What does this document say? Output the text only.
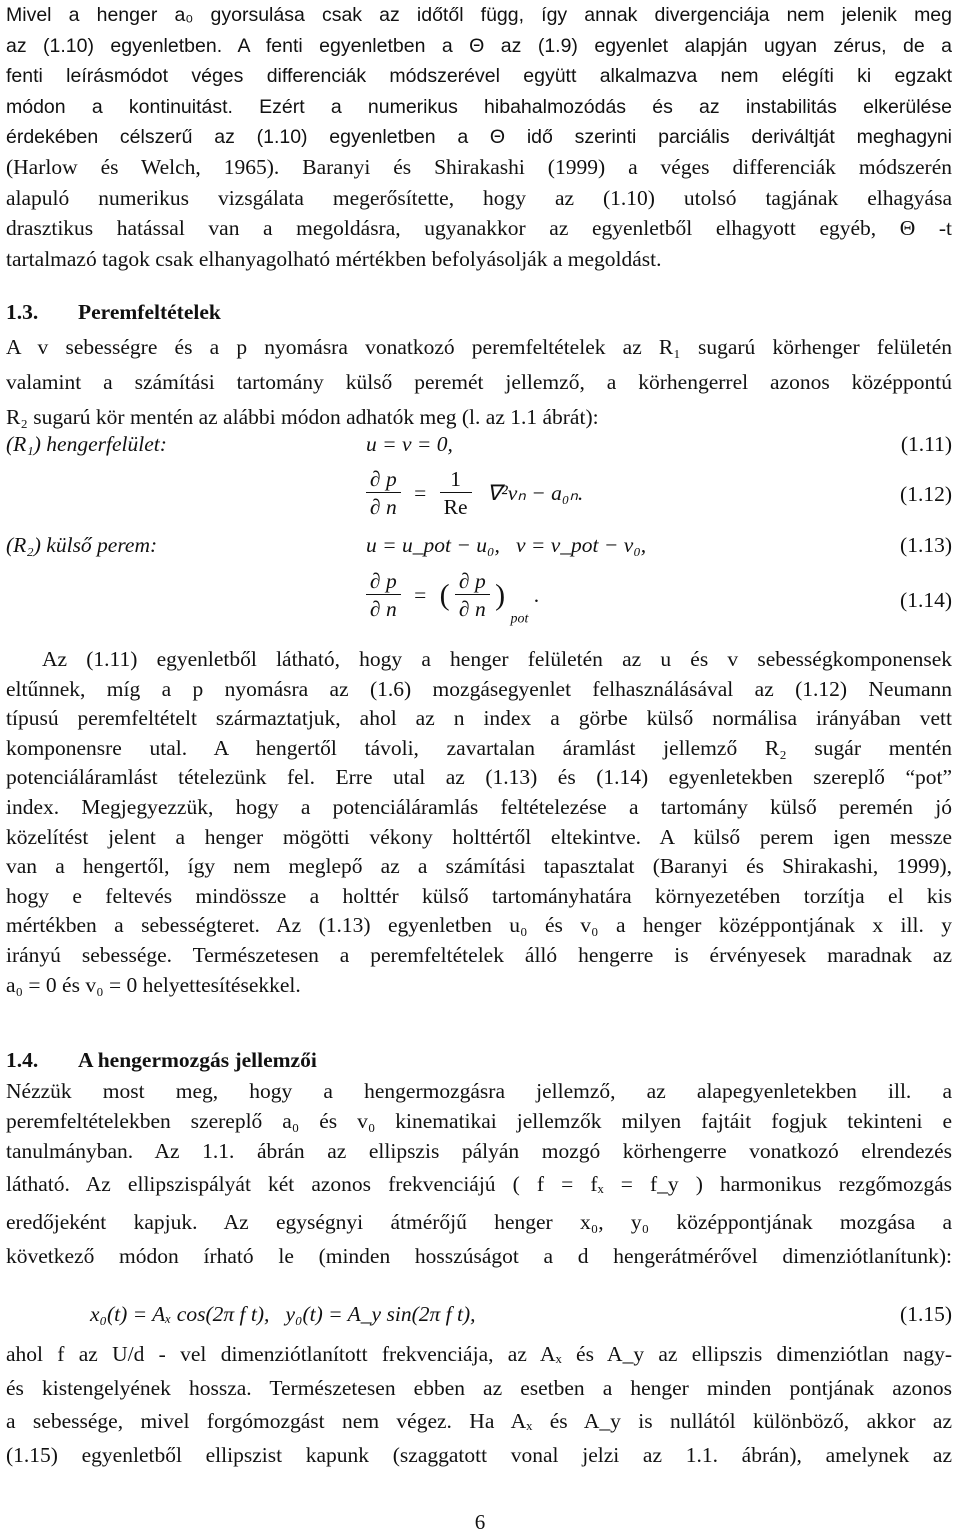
Mivel a henger a₀ gyorsulása csak az időtől függ, így annak divergenciája nem jelenik meg
az (1.10) egyenletben. A fenti egyenletben a Θ az (1.9) egyenlet alapján ugyan zérus, de a
fenti leírásmódot véges differenciák módszerével együtt alkalmazva nem elégíti ki egzakt
módon a kontinuitást. Ezért a numerikus hibahalmozódás és az instabilitás elkerülése
érdekében célszerű az (1.10) egyenletben a Θ idő szerinti parciális deriváltját meghagyni
(Harlow és Welch, 1965). Baranyi és Shirakashi (1999) a véges differenciák módszerén
alapuló numerikus vizsgálata megerősítette, hogy az (1.10) utolsó tagjának elhagyása
drasztikus hatással van a megoldásra, ugyanakkor az egyenletből elhagyott egyéb, Θ -t
tartalmazó tagok csak elhanyagolható mértékben befolyásolják a megoldást.
1.3. Peremfeltételek
A v sebességre és a p nyomásra vonatkozó peremfeltételek az R₁ sugarú körhenger felületén
valamint a számítási tartomány külső peremét jellemző, a körhengerrel azonos középpontú
R₂ sugarú kör mentén az alábbi módon adhatók meg (l. az 1.1 ábrát):
(R₁) hengerfelület:	u = v = 0,	(1.11)
$\frac{\partial p}{\partial n} = \frac{1}{Re} \nabla^2v_n - a_{0n}$.	(1.12)
(R₂) külső perem:	u = u_pot − u₀,   v = v_pot − v₀,	(1.13)
$\frac{\partial p}{\partial n}$ = ( $\frac{\partial p}{\partial n}$ ) $_{pot}$ .	(1.14)
Az (1.11) egyenletből látható, hogy a henger felületén az u és v sebességkomponensek
eltűnnek, míg a p nyomásra az (1.6) mozgásegyenlet felhasználásával az (1.12) Neumann
típusú peremfeltételt származtatjuk, ahol az n index a görbe külső normálisa irányában vett
komponensre utal. A hengertől távoli, zavartalan áramlást jellemző R₂ sugár mentén
potenciáláramlást tételezünk fel. Erre utal az (1.13) és (1.14) egyenletekben szereplő “pot”
index. Megjegyezzük, hogy a potenciáláramlás feltételezése a tartomány külső peremén jó
közelítést jelent a henger mögötti vékony holttértől eltekintve. A külső perem igen messze
van a hengertől, így nem meglepő az a számítási tapasztalat (Baranyi és Shirakashi, 1999),
hogy e feltevés mindössze a holttér külső tartományhatára környezetében torzítja el kis
mértékben a sebességteret. Az (1.13) egyenletben u₀ és v₀ a henger középpontjának x ill. y
irányú sebessége. Természetesen a peremfeltételek álló hengerre is érvényesek maradnak az
a₀ = 0 és v₀ = 0 helyettesítésekkel.
1.4. A hengermozgás jellemzői
Nézzük most meg, hogy a hengermozgásra jellemző, az alapegyenletekben ill. a
peremfeltételekben szereplő a₀ és v₀ kinematikai jellemzők milyen fajtáit fogjuk tekinteni e
tanulmányban. Az 1.1. ábrán az ellipszis pályán mozgó körhengerre vonatkozó elrendezés
látható. Az ellipszispályát két azonos frekvenciájú ( f = fₓ = f_y ) harmonikus rezgőmozgás
eredőjeként kapjuk. Az egységnyi átmérőjű henger x₀, y₀ középpontjának mozgása a
következő módon írható le (minden hosszúságot a d hengerátmérővel dimenziótlanítunk):
x₀(t) = Aₓ cos(2π f t),   y₀(t) = A_y sin(2π f t),	(1.15)
ahol f az U/d - vel dimenziótlanított frekvenciája, az Aₓ és A_y az ellipszis dimenziótlan nagy-
és kistengelyének hossza. Természetesen ebben az esetben a henger minden pontjának azonos
a sebessége, mivel forgómozgást nem végez. Ha Aₓ és A_y is nullától különböző, akkor az
(1.15) egyenletből ellipszist kapunk (szaggatott vonal jelzi az 1.1. ábrán), amelynek az
6
